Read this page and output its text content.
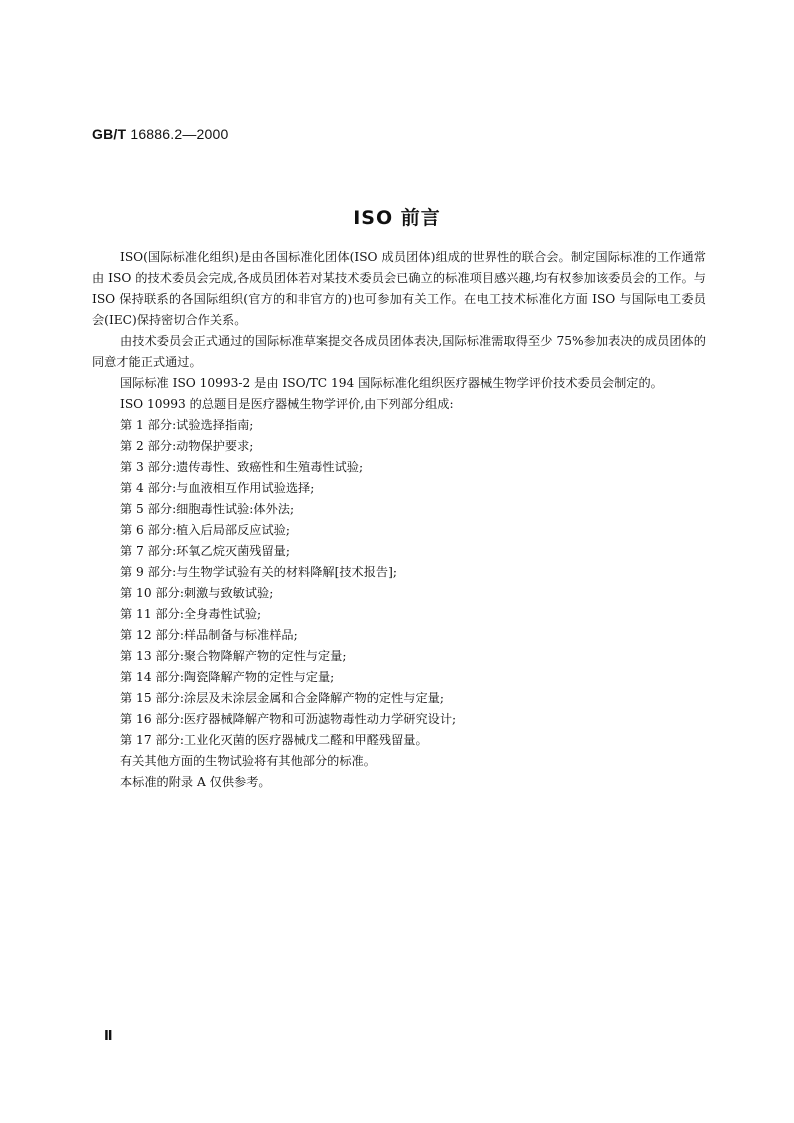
GB/T 16886.2—2000
ISO 前言

ISO(国际标准化组织)是由各国标准化团体(ISO 成员团体)组成的世界性的联合会。制定国际标准的工作通常由 ISO 的技术委员会完成,各成员团体若对某技术委员会已确立的标准项目感兴趣,均有权参加该委员会的工作。与 ISO 保持联系的各国际组织(官方的和非官方的)也可参加有关工作。在电工技术标准化方面 ISO 与国际电工委员会(IEC)保持密切合作关系。

由技术委员会正式通过的国际标准草案提交各成员团体表决,国际标准需取得至少 75%参加表决的成员团体的同意才能正式通过。

国际标准 ISO 10993-2 是由 ISO/TC 194 国际标准化组织医疗器械生物学评价技术委员会制定的。

ISO 10993 的总题目是医疗器械生物学评价,由下列部分组成:

第 1 部分:试验选择指南;

第 2 部分:动物保护要求;

第 3 部分:遗传毒性、致癌性和生殖毒性试验;

第 4 部分:与血液相互作用试验选择;

第 5 部分:细胞毒性试验:体外法;

第 6 部分:植入后局部反应试验;

第 7 部分:环氧乙烷灭菌残留量;

第 9 部分:与生物学试验有关的材料降解[技术报告];

第 10 部分:刺激与致敏试验;

第 11 部分:全身毒性试验;

第 12 部分:样品制备与标准样品;

第 13 部分:聚合物降解产物的定性与定量;

第 14 部分:陶瓷降解产物的定性与定量;

第 15 部分:涂层及未涂层金属和合金降解产物的定性与定量;

第 16 部分:医疗器械降解产物和可沥滤物毒性动力学研究设计;

第 17 部分:工业化灭菌的医疗器械戊二醛和甲醛残留量。

有关其他方面的生物试验将有其他部分的标准。

本标准的附录 A 仅供参考。

Ⅱ
